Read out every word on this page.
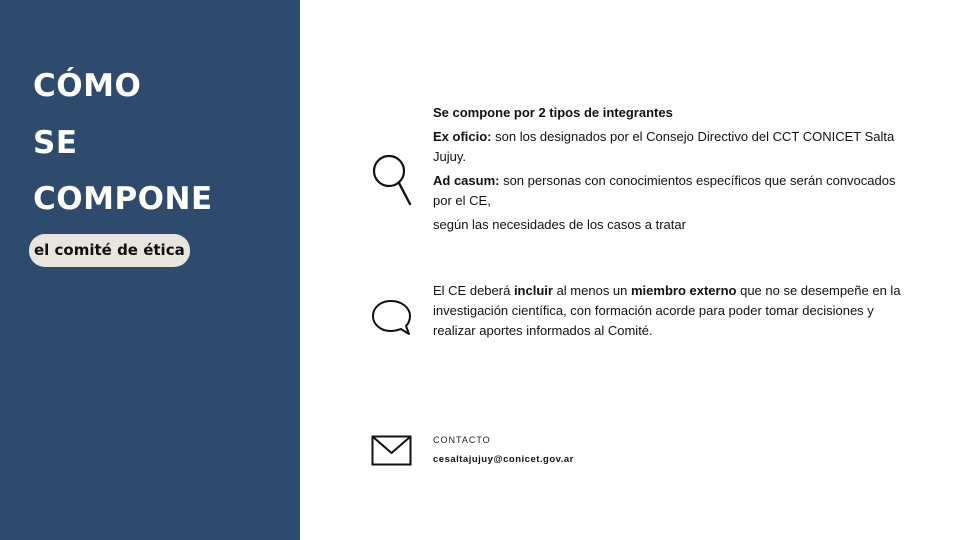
CÓMO
SE
COMPONE
el comité de ética

Se compone por 2 tipos de integrantes

Ex oficio: son los designados por el Consejo Directivo del CCT CONICET Salta Jujuy.

Ad casum: son personas con conocimientos específicos que serán convocados por el CE,

según las necesidades de los casos a tratar

El CE deberá incluir al menos un miembro externo que no se desempeñe en la investigación científica, con formación acorde para poder tomar decisiones y realizar aportes informados al Comité.

CONTACTO
cesaltajujuy@conicet.gov.ar
